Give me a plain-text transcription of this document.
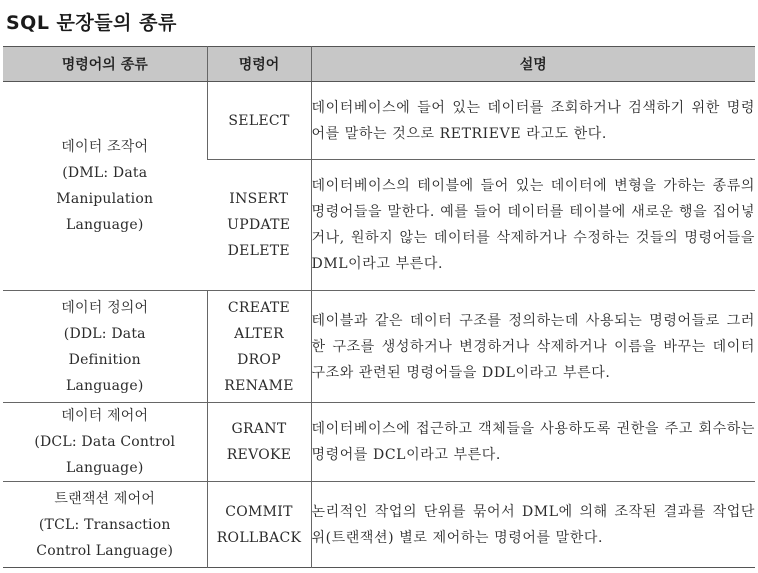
SQL 문장들의 종류
명령어의 종류	명령어	설명

데이터 조작어
(DML: Data
Manipulation
Language)	SELECT	데이터베이스에 들어 있는 데이터를 조회하거나 검색하기 위한 명령어를 말하는 것으로 RETRIEVE 라고도 한다.

	INSERT
UPDATE
DELETE	데이터베이스의 테이블에 들어 있는 데이터에 변형을 가하는 종류의 명령어들을 말한다. 예를 들어 데이터를 테이블에 새로운 행을 집어넣거나, 원하지 않는 데이터를 삭제하거나 수정하는 것들의 명령어들을 DML이라고 부른다.

데이터 정의어
(DDL: Data
Definition
Language)	CREATE
ALTER
DROP
RENAME	테이블과 같은 데이터 구조를 정의하는데 사용되는 명령어들로 그러한 구조를 생성하거나 변경하거나 삭제하거나 이름을 바꾸는 데이터 구조와 관련된 명령어들을 DDL이라고 부른다.

데이터 제어어
(DCL: Data Control
Language)	GRANT
REVOKE	데이터베이스에 접근하고 객체들을 사용하도록 권한을 주고 회수하는 명령어를 DCL이라고 부른다.

트랜잭션 제어어
(TCL: Transaction
Control Language)	COMMIT
ROLLBACK	논리적인 작업의 단위를 묶어서 DML에 의해 조작된 결과를 작업단위(트랜잭션) 별로 제어하는 명령어를 말한다.
